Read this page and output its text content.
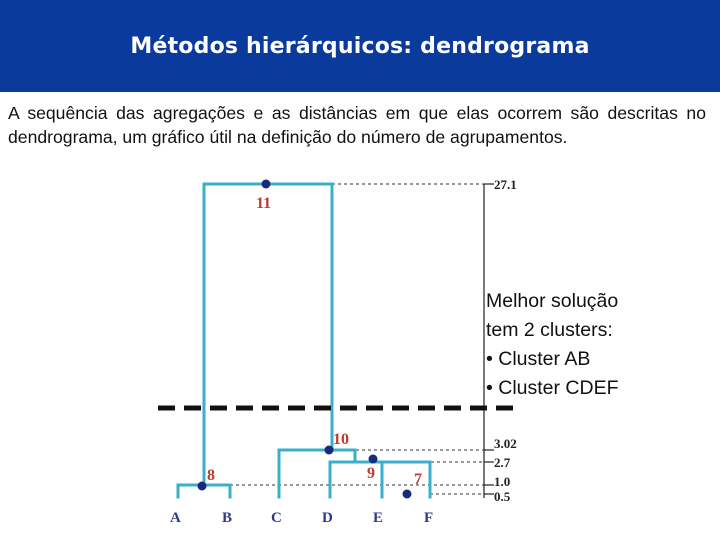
Métodos hierárquicos: dendrograma

A sequência das agregações e as distâncias em que elas ocorrem são descritas no dendrograma, um gráfico útil na definição do número de agrupamentos.

11
10
9
8	7
27.1
3.02
2.7
1.0
0.5
A	B	C	D	E	F
Melhor solução
tem 2 clusters:
• Cluster AB
• Cluster CDEF
